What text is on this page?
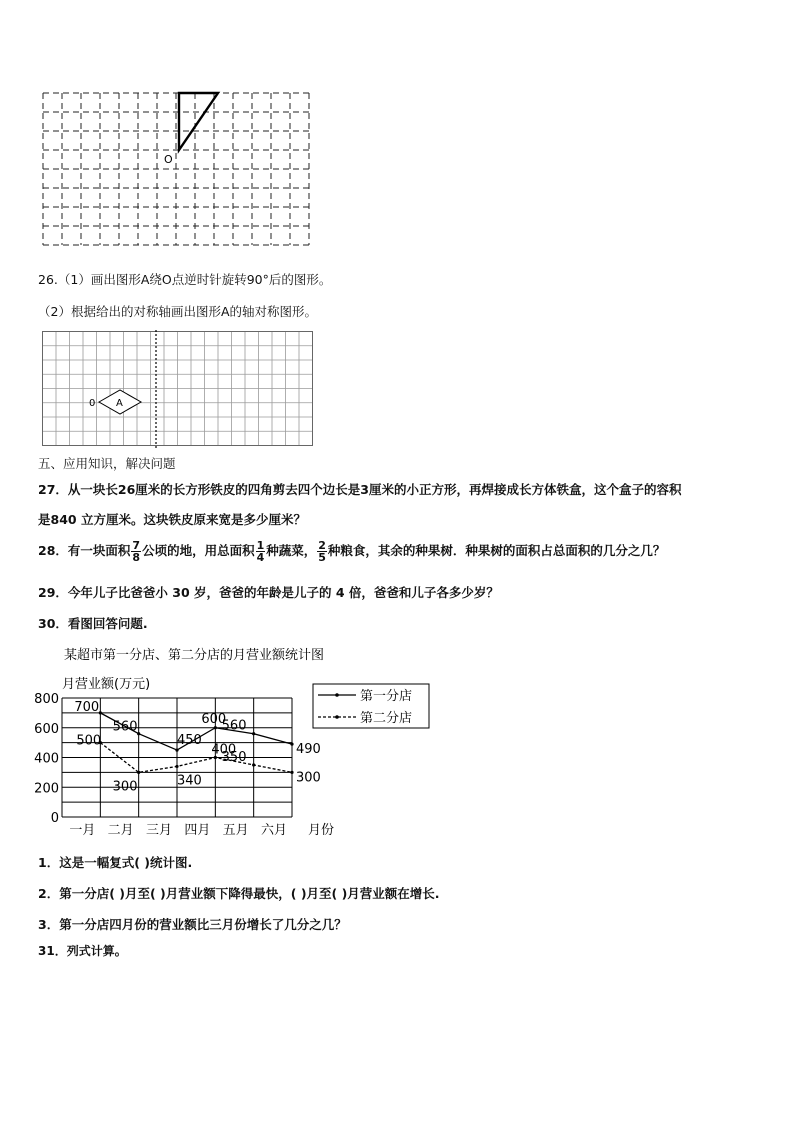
O
26.（1）画出图形A绕O点逆时针旋转90°后的图形。
（2）根据给出的对称轴画出图形A的轴对称图形。
A
0
五、应用知识，解决问题
27．从一块长26厘米的长方形铁皮的四角剪去四个边长是3厘米的小正方形，再焊接成长方体铁盒，这个盒子的容积
是840 立方厘米。这块铁皮原来宽是多少厘米？
28．有一块面积 $\frac{7}{8}$ 公顷的地，用总面积 $\frac{1}{4}$ 种蔬菜， $\frac{2}{5}$ 种粮食，其余的种果树．种果树的面积占总面积的几分之几？
29．今年儿子比爸爸小 30 岁，爸爸的年龄是儿子的 4 倍，爸爸和儿子各多少岁？
30．看图回答问题.
某超市第一分店、第二分店的月营业额统计图
月营业额(万元)
700
560
450
600
560
490
500
300	340
400
350
300
0
200
400
600
800
一月 二月 三月 四月 五月 六月 月份
第一分店
第二分店
1．这是一幅复式( )统计图.
2．第一分店( )月至( )月营业额下降得最快，( )月至( )月营业额在增长.
3．第一分店四月份的营业额比三月份增长了几分之几？
31．列式计算。
